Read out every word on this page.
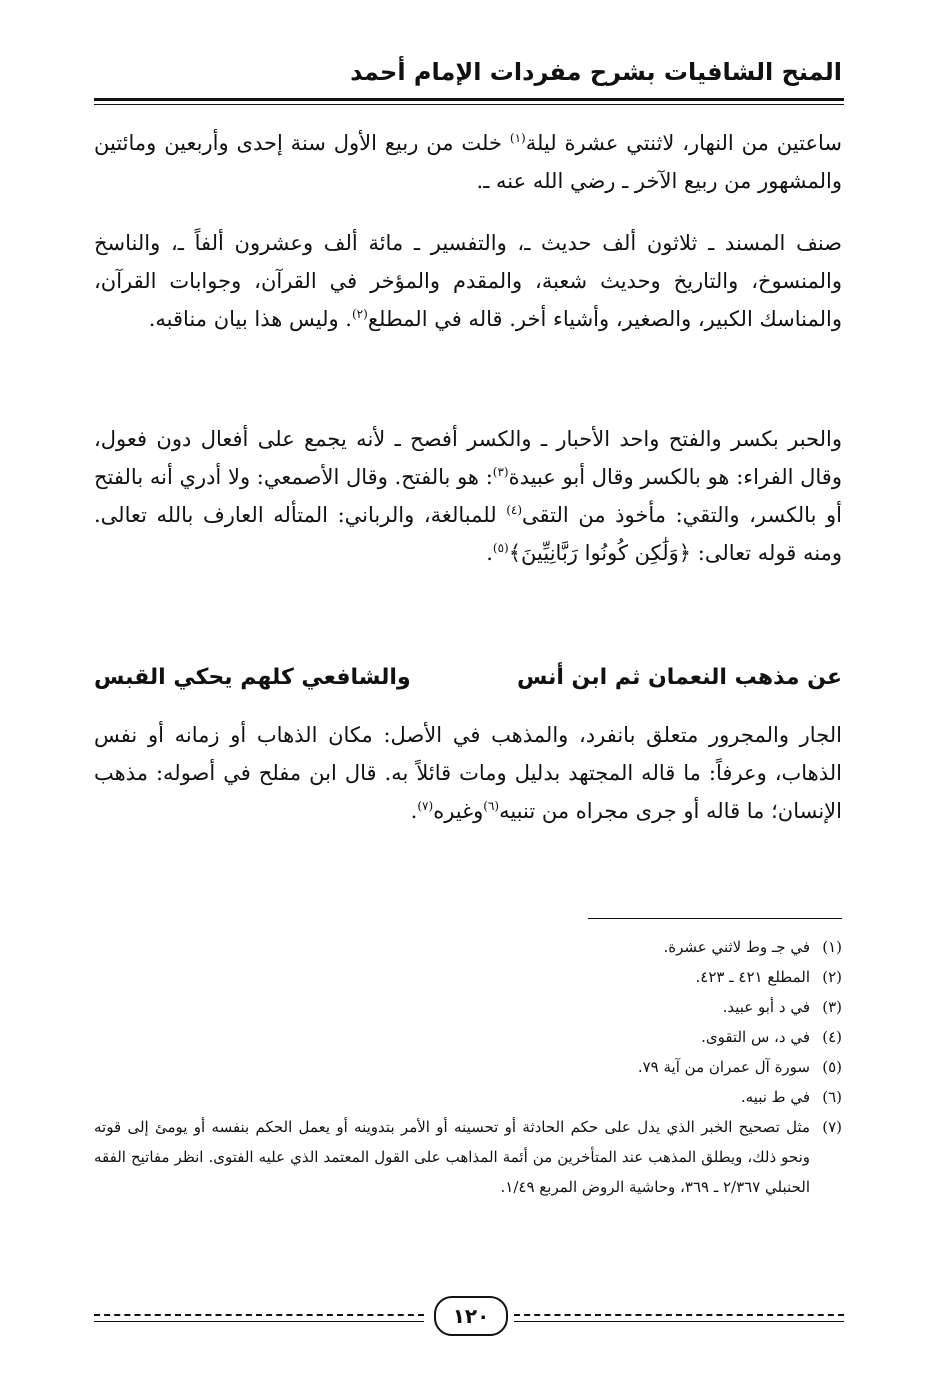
المنح الشافيات بشرح مفردات الإمام أحمد

ساعتين من النهار، لاثنتي عشرة ليلة$^{(١)}$ خلت من ربيع الأول سنة إحدى وأربعين ومائتين والمشهور من ربيع الآخر ـ رضي الله عنه ـ.

صنف المسند ـ ثلاثون ألف حديث ـ، والتفسير ـ مائة ألف وعشرون ألفاً ـ، والناسخ والمنسوخ، والتاريخ وحديث شعبة، والمقدم والمؤخر في القرآن، وجوابات القرآن، والمناسك الكبير، والصغير، وأشياء أخر. قاله في المطلع$^{(٢)}$. وليس هذا بيان مناقبه.

والحبر بكسر والفتح واحد الأحبار ـ والكسر أفصح ـ لأنه يجمع على أفعال دون فعول، وقال الفراء: هو بالكسر وقال أبو عبيدة$^{(٣)}$: هو بالفتح. وقال الأصمعي: ولا أدري أنه بالفتح أو بالكسر، والتقي: مأخوذ من التقى$^{(٤)}$ للمبالغة، والرباني: المتأله العارف بالله تعالى. ومنه قوله تعالى: ﴿وَلَٰكِن كُونُوا رَبَّانِيِّينَ﴾$^{(٥)}$.

عن مذهب النعمان ثم ابن أنس
والشافعي كلهم يحكي القبس

الجار والمجرور متعلق بانفرد، والمذهب في الأصل: مكان الذهاب أو زمانه أو نفس الذهاب، وعرفاً: ما قاله المجتهد بدليل ومات قائلاً به. قال ابن مفلح في أصوله: مذهب الإنسان؛ ما قاله أو جرى مجراه من تنبيه$^{(٦)}$وغيره$^{(٧)}$.

(١)
في جـ وط لاثني عشرة.
(٢)
المطلع ٤٢١ ـ ٤٢٣.
(٣)
في د أبو عبيد.
(٤)
في د، س التقوى.
(٥)
سورة آل عمران من آية ٧٩.
(٦)
في ط نبيه.
(٧)
مثل تصحيح الخبر الذي يدل على حكم الحادثة أو تحسينه أو الأمر بتدوينه أو يعمل الحكم بنفسه أو يومئ إلى قوته ونحو ذلك، ويطلق المذهب عند المتأخرين من أئمة المذاهب على القول المعتمد الذي عليه الفتوى. انظر مفاتيح الفقه الحنبلي ٢/٣٦٧ ـ ٣٦٩، وحاشية الروض المربع ١/٤٩.
١٢٠
